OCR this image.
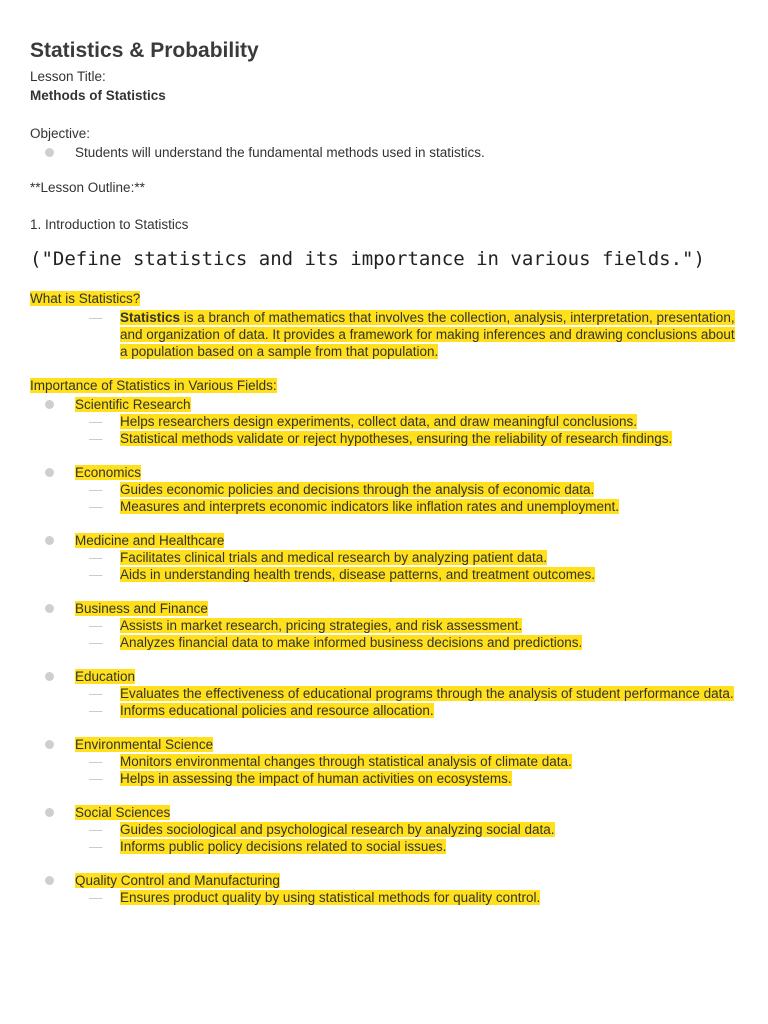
Statistics & Probability
Lesson Title:
Methods of Statistics
Objective:
Students will understand the fundamental methods used in statistics.
**Lesson Outline:**
1. Introduction to Statistics
("Define statistics and its importance in various fields.")
What is Statistics?
— Statistics is a branch of mathematics that involves the collection, analysis, interpretation, presentation, and organization of data. It provides a framework for making inferences and drawing conclusions about a population based on a sample from that population.
Importance of Statistics in Various Fields:
Scientific Research
— Helps researchers design experiments, collect data, and draw meaningful conclusions.
— Statistical methods validate or reject hypotheses, ensuring the reliability of research findings.
Economics
— Guides economic policies and decisions through the analysis of economic data.
— Measures and interprets economic indicators like inflation rates and unemployment.
Medicine and Healthcare
— Facilitates clinical trials and medical research by analyzing patient data.
— Aids in understanding health trends, disease patterns, and treatment outcomes.
Business and Finance
— Assists in market research, pricing strategies, and risk assessment.
— Analyzes financial data to make informed business decisions and predictions.
Education
— Evaluates the effectiveness of educational programs through the analysis of student performance data.
— Informs educational policies and resource allocation.
Environmental Science
— Monitors environmental changes through statistical analysis of climate data.
— Helps in assessing the impact of human activities on ecosystems.
Social Sciences
— Guides sociological and psychological research by analyzing social data.
— Informs public policy decisions related to social issues.
Quality Control and Manufacturing
— Ensures product quality by using statistical methods for quality control.
